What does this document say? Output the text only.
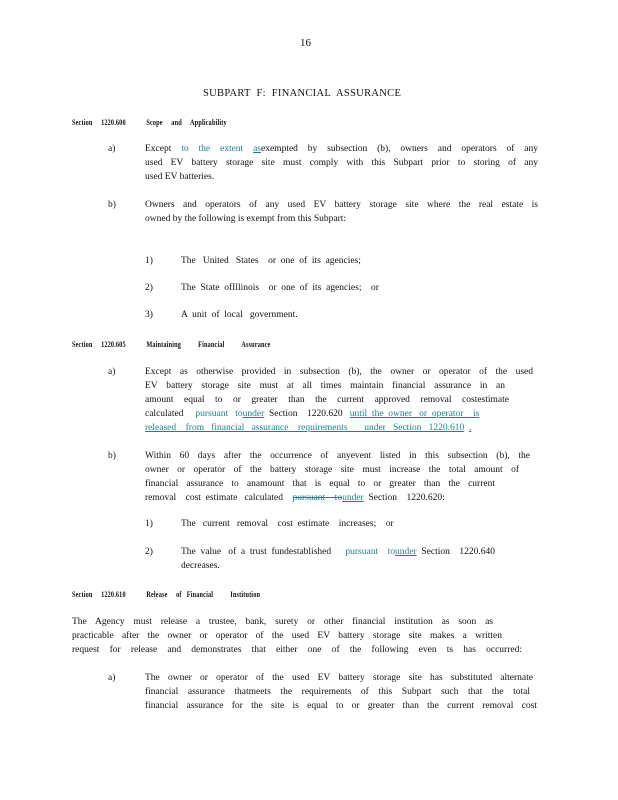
16
SUBPART F: FINANCIAL ASSURANCE
Section     1220.600	Scope     and     Applicability
a)	Except to the extent asexempted by subsection (b), owners and operators of any
used EV battery storage site must comply with this Subpart prior to storing of any
used EV batteries.
b)	Owners and operators of any used EV battery storage site where the real estate is
owned by the following is exempt from this Subpart:
1)	The   United   States    or  one  of  its  agencies;
2)	The  State  ofIllinois    or  one  of  its  agencies;    or
3)	A  unit  of  local   government.
Section     1220.605	Maintaining          Financial          Assurance
a)	Except as otherwise provided in subsection (b), the owner or operator of the used
EV battery storage site must at all times maintain financial assurance in an
amount equal to or greater than the current approved removal costestimate
calculated pursuant   tounder Section    1220.620 until  the  owner   or  operator    is
released    from   financial   assurance    requirements       under   Section   1220.610 .
b)	Within 60 days after the occurrence of anyevent listed in this subsection (b), the
owner or operator of the battery storage site must increase the total amount of
financial assurance to anamount that is equal to or greater than the current
removal    cost  estimate   calculated pursuant    tounder Section    1220.620:
1)	The   current   removal    cost  estimate    increases;    or
2)	The  value   of  a  trust  fundestablished pursuant    tounder Section    1220.640
decreases.
Section     1220.610	Release     of   Financial          Institution
The Agency must release a trustee, bank, surety or other financial institution as soon as
practicable after the owner or operator of the used EV battery storage site makes a written
request for release and demonstrates that either one of the following even ts has occurred:
a)	The owner or operator of the used EV battery storage site has substituted alternate
financial assurance thatmeets the requirements of this Subpart such that the total
financial assurance for the site is equal to or greater than the current removal cost
